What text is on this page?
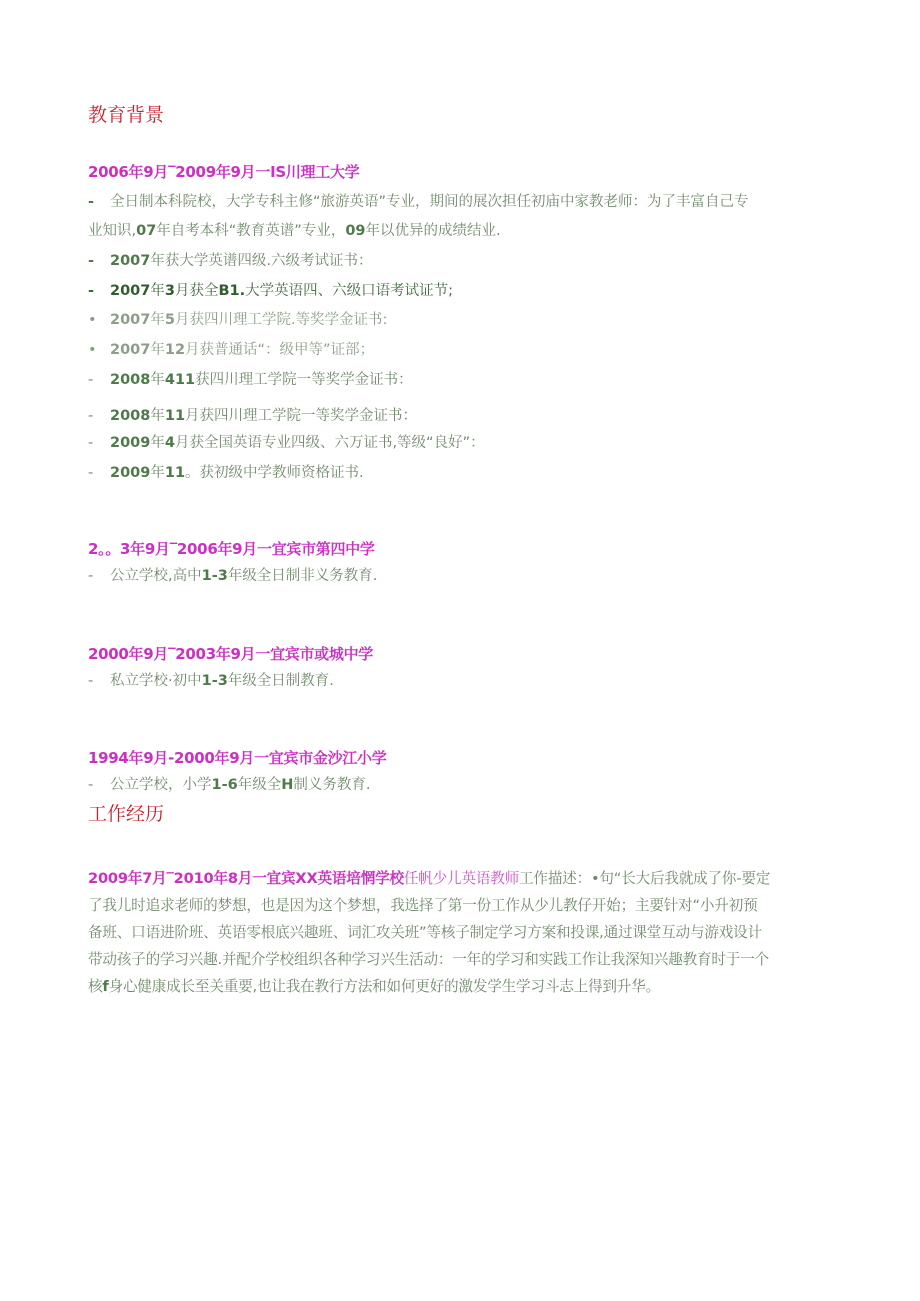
教育背景
2006年9月‾2009年9月一IS川理工大学
- 全日制本科院校，大学专科主修“旅游英语”专业，期间的展次担任初庙中家教老师：为了丰富自己专
业知识,07年自考本科“教育英谱”专业，09年以优异的成绩结业.
- 2007年获大学英谱四级.六级考试证书：
- 2007年3月获全B1.大学英语四、六级口语考试证节;
• 2007年5月获四川理工学院.等奖学金证书:
• 2007年12月获普通话“：级甲等”证部；
- 2008年411获四川理工学院一等奖学金证书：
- 2008年11月获四川理工学院一等奖学金证书：
- 2009年4月获全国英语专业四级、六万证书,等级“良好”：
- 2009年11。获初级中学教师资格证书.
2。。3年9月‾2006年9月一宜宾市第四中学
- 公立学校,高中1-3年级全日制非义务教育.
2000年9月‾2003年9月一宜宾市或城中学
- 私立学校·初中1-3年级全日制教育.
1994年9月-2000年9月一宜宾市金沙江小学
- 公立学校，小学1-6年级全H制义务教育.
工作经历
2009年7月‾2010年8月一宜宾XX英语培惘学校任帆少儿英语教师工作描述：•句“长大后我就成了你-要定
了我儿时追求老师的梦想，也是因为这个梦想，我选择了第一份工作从少儿教仔开始；主要针对“小升初预
备班、口语进阶班、英语零根底兴趣班、词汇攻关班”等核子制定学习方案和投课,通过课堂互动与游戏设计
带动孩子的学习兴趣.并配介学校组织各种学习兴生活动：一年的学习和实践工作让我深知兴趣教育时于一个
核f身心健康成长至关重要,也让我在教行方法和如何更好的激发学生学习斗志上得到升华。
